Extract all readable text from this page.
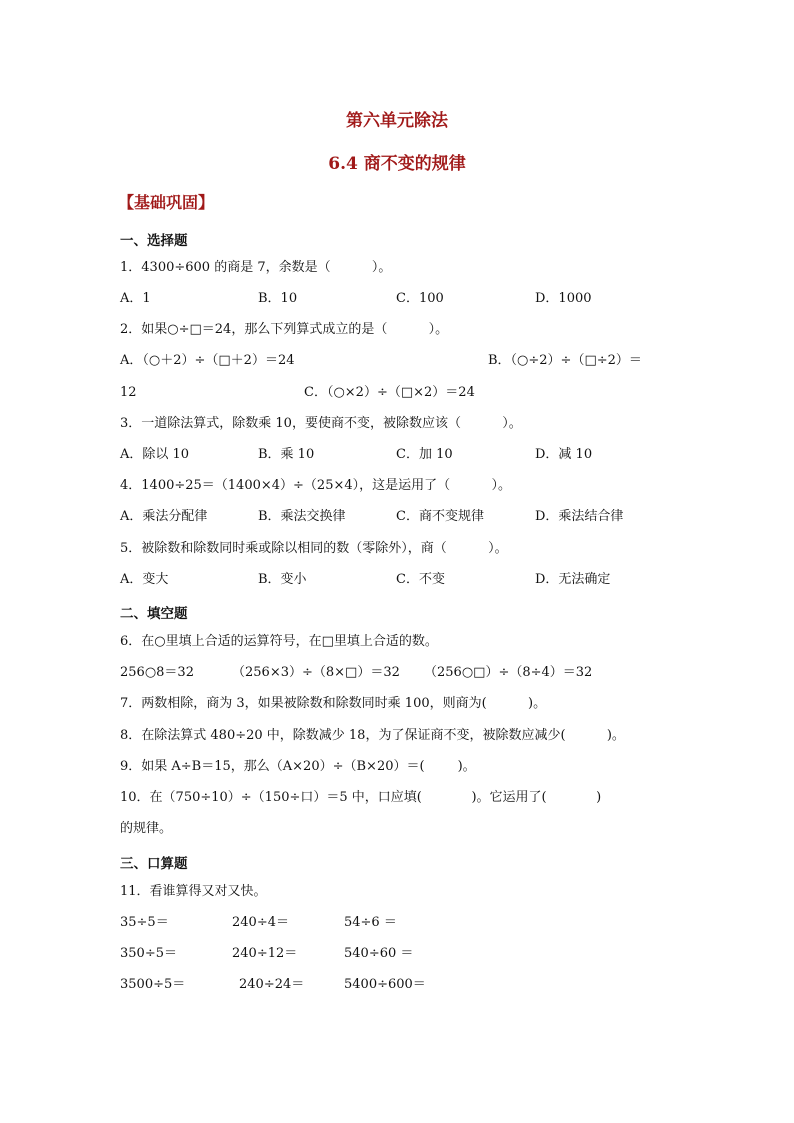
第六单元除法
6.4 商不变的规律
【基础巩固】
一、选择题
1．4300÷600 的商是 7，余数是（          ）。
A．1	B．10	C．100	D．1000
2．如果○÷□＝24，那么下列算式成立的是（          ）。
A．（○＋2）÷（□＋2）＝24	B．（○÷2）÷（□÷2）＝
12	C．（○×2）÷（□×2）＝24
3．一道除法算式，除数乘 10，要使商不变，被除数应该（          ）。
A．除以 10	B．乘 10	C．加 10	D．减 10
4．1400÷25＝（1400×4）÷（25×4），这是运用了（          ）。
A．乘法分配律	B．乘法交换律	C．商不变规律	D．乘法结合律
5．被除数和除数同时乘或除以相同的数（零除外），商（          ）。
A．变大	B．变小	C．不变	D．无法确定
二、填空题
6．在○里填上合适的运算符号，在□里填上合适的数。
256○8＝32	（256×3）÷（8×□）＝32 （256○□）÷（8÷4）＝32
7．两数相除，商为 3，如果被除数和除数同时乘 100，则商为(          )。
8．在除法算式 480÷20 中，除数减少 18，为了保证商不变，被除数应减少(          )。
9．如果 A÷B＝15，那么（A×20）÷（B×20）＝(        )。
10．在（750÷10）÷（150÷口）＝5 中，口应填(            )。它运用了(            )
的规律。
三、口算题
11．看谁算得又对又快。
35÷5＝	240÷4＝	54÷6 ＝
350÷5＝	240÷12＝	540÷60 ＝
3500÷5＝	240÷24＝	5400÷600＝
